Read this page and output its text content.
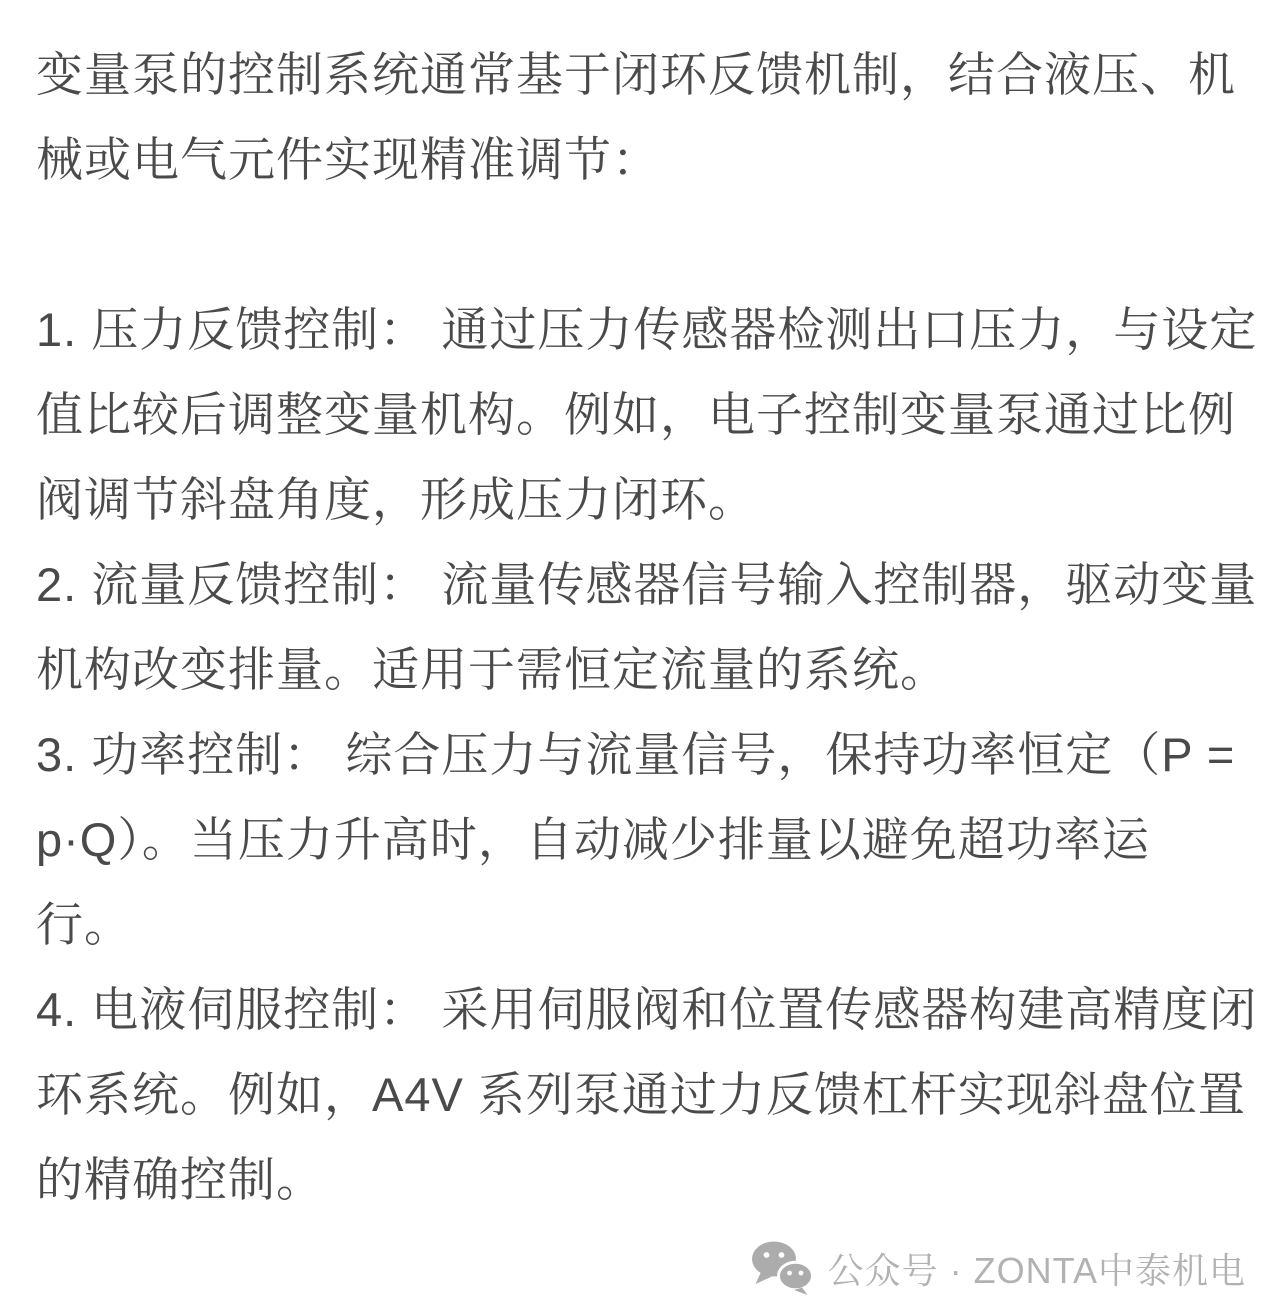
变量泵的控制系统通常基于闭环反馈机制，结合液压、机
械或电气元件实现精准调节：
1. 压力反馈控制： 通过压力传感器检测出口压力，与设定
值比较后调整变量机构。例如，电子控制变量泵通过比例
阀调节斜盘角度，形成压力闭环。
2. 流量反馈控制： 流量传感器信号输入控制器，驱动变量
机构改变排量。适用于需恒定流量的系统。
3. 功率控制： 综合压力与流量信号，保持功率恒定（P =
p·Q）。当压力升高时，自动减少排量以避免超功率运
行。
4. 电液伺服控制： 采用伺服阀和位置传感器构建高精度闭
环系统。例如，A4V 系列泵通过力反馈杠杆实现斜盘位置
的精确控制。
公众号 · ZONTA中泰机电
